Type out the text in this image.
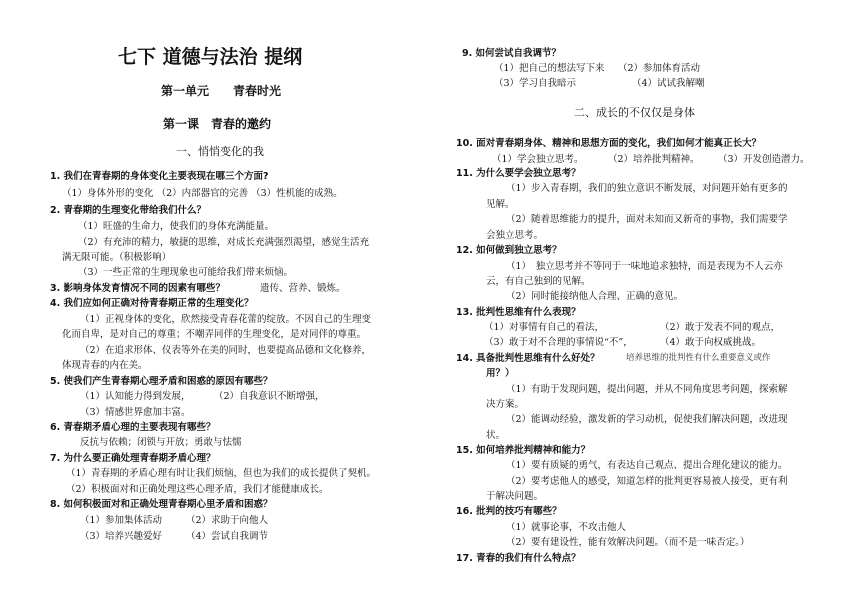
七下 道德与法治 提纲
第一单元　　青春时光
第一课　青春的邀约
一、悄悄变化的我
1. 我们在青春期的身体变化主要表现在哪三个方面?
（1）身体外形的变化 （2）内部器官的完善 （3）性机能的成熟。
2. 青春期的生理变化带给我们什么？
（1）旺盛的生命力，使我们的身体充满能量。
（2）有充沛的精力，敏捷的思维，对成长充满强烈渴望，感觉生活充
满无限可能。（积极影响）
（3）一些正常的生理现象也可能给我们带来烦恼。
3. 影响身体发育情况不同的因素有哪些？	遗传、营养、锻炼。
4. 我们应如何正确对待青春期正常的生理变化？
（1）正视身体的变化，欣然接受青春花蕾的绽放。不因自己的生理变
化而自卑，是对自己的尊重；不嘲弄同伴的生理变化，是对同伴的尊重。
（2）在追求形体、仪表等外在美的同时，也要提高品德和文化修养，
体现青春的内在美。
5. 使我们产生青春期心理矛盾和困惑的原因有哪些？
（1）认知能力得到发展， （2）自我意识不断增强，
（3）情感世界愈加丰富。
6. 青春期矛盾心理的主要表现有哪些？
反抗与依赖；闭锁与开放；勇敢与怯懦
7. 为什么要正确处理青春期矛盾心理？
（1）青春期的矛盾心理有时让我们烦恼，但也为我们的成长提供了契机。
（2）积极面对和正确处理这些心理矛盾，我们才能健康成长。
8. 如何积极面对和正确处理青春期心里矛盾和困惑？
（1）参加集体活动	（2）求助于向他人
（3）培养兴趣爱好	（4）尝试自我调节
9. 如何尝试自我调节？
（1）把自己的想法写下来 （2）参加体育活动
（3）学习自我暗示	（4）试试我解嘲
二、成长的不仅仅是身体
10. 面对青春期身体、精神和思想方面的变化，我们如何才能真正长大？
（1）学会独立思考。	（2）培养批判精神。 （3）开发创造潜力。
11. 为什么要学会独立思考？
（1）步入青春期，我们的独立意识不断发展，对问题开始有更多的
见解。
（2）随着思维能力的提升，面对未知而又新奇的事物，我们需要学
会独立思考。
12. 如何做到独立思考？
（1）　独立思考并不等同于一味地追求独特，而是表现为不人云亦
云，有自己独到的见解。
（2）同时能接纳他人合理、正确的意见。
13. 批判性思维有什么表现？
（1）对事情有自己的看法，	（2）敢于发表不同的观点，
（3）敢于对不合理的事情说“不”，	（4）敢于向权威挑战。
14. 具备批判性思维有什么好处？	培养思维的批判性有什么重要意义或作
用？）
（1）有助于发现问题，提出问题，并从不同角度思考问题，探索解
决方案。
（2）能调动经验，激发新的学习动机，促使我们解决问题，改进现
状。
15. 如何培养批判精神和能力？
（1）要有质疑的勇气，有表达自己观点、提出合理化建议的能力。
（2）要考虑他人的感受，知道怎样的批判更容易被人接受，更有利
于解决问题。
16. 批判的技巧有哪些？
（1）就事论事，不攻击他人
（2）要有建设性，能有效解决问题。（而不是一味否定。）
17. 青春的我们有什么特点？
